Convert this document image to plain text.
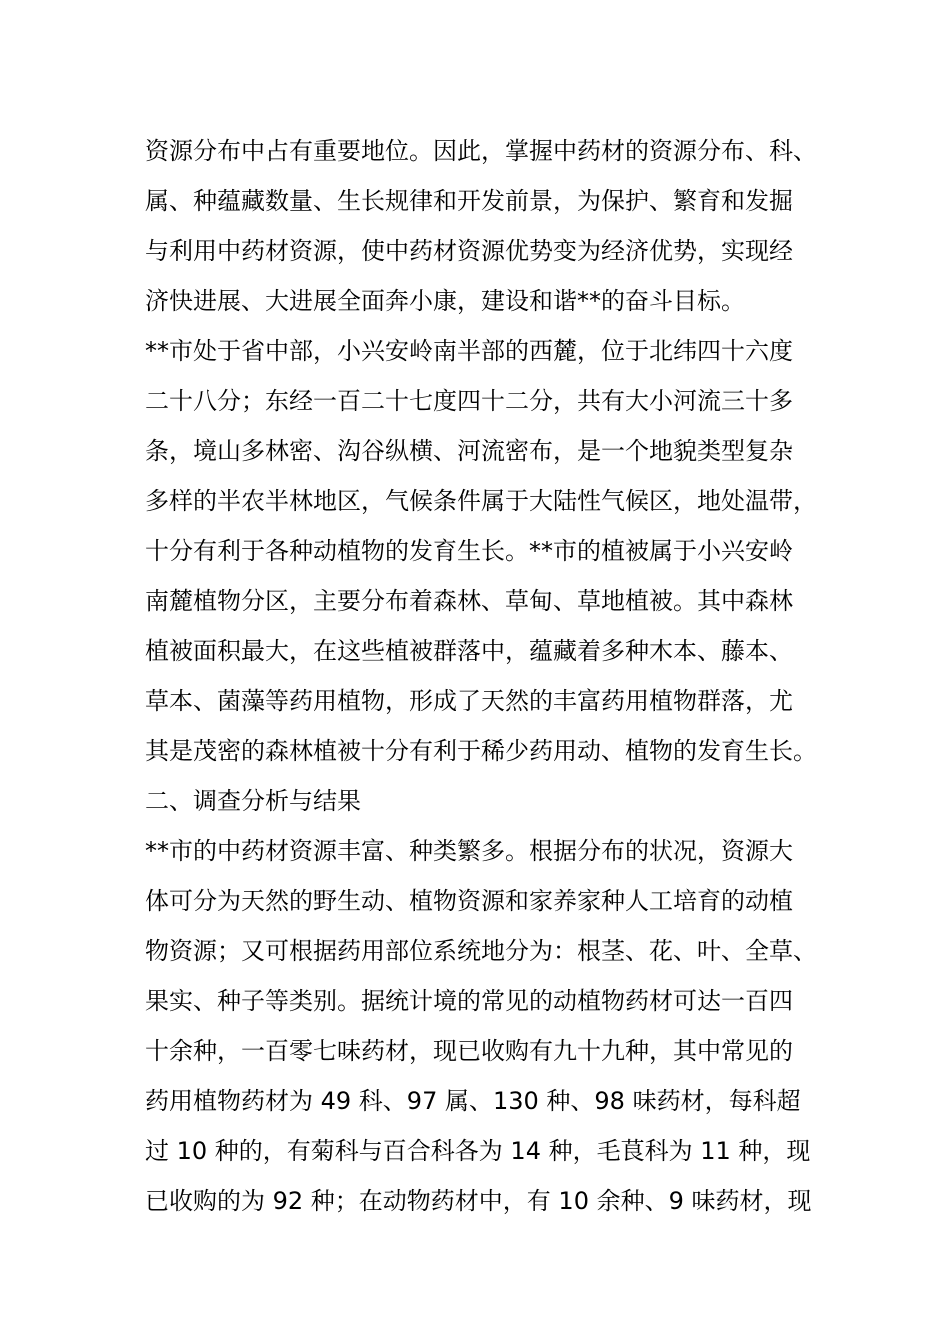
资源分布中占有重要地位。因此，掌握中药材的资源分布、科、
属、种蕴藏数量、生长规律和开发前景，为保护、繁育和发掘
与利用中药材资源，使中药材资源优势变为经济优势，实现经
济快进展、大进展全面奔小康，建设和谐**的奋斗目标。
**市处于省中部，小兴安岭南半部的西麓，位于北纬四十六度
二十八分；东经一百二十七度四十二分，共有大小河流三十多
条，境山多林密、沟谷纵横、河流密布，是一个地貌类型复杂
多样的半农半林地区，气候条件属于大陆性气候区，地处温带，
十分有利于各种动植物的发育生长。**市的植被属于小兴安岭
南麓植物分区，主要分布着森林、草甸、草地植被。其中森林
植被面积最大，在这些植被群落中，蕴藏着多种木本、藤本、
草本、菌藻等药用植物，形成了天然的丰富药用植物群落，尤
其是茂密的森林植被十分有利于稀少药用动、植物的发育生长。
二、调查分析与结果
**市的中药材资源丰富、种类繁多。根据分布的状况，资源大
体可分为天然的野生动、植物资源和家养家种人工培育的动植
物资源；又可根据药用部位系统地分为：根茎、花、叶、全草、
果实、种子等类别。据统计境的常见的动植物药材可达一百四
十余种，一百零七味药材，现已收购有九十九种，其中常见的
药用植物药材为 49 科、97 属、130 种、98 味药材，每科超
过 10 种的，有菊科与百合科各为 14 种，毛茛科为 11 种，现
已收购的为 92 种；在动物药材中，有 10 余种、9 味药材，现
